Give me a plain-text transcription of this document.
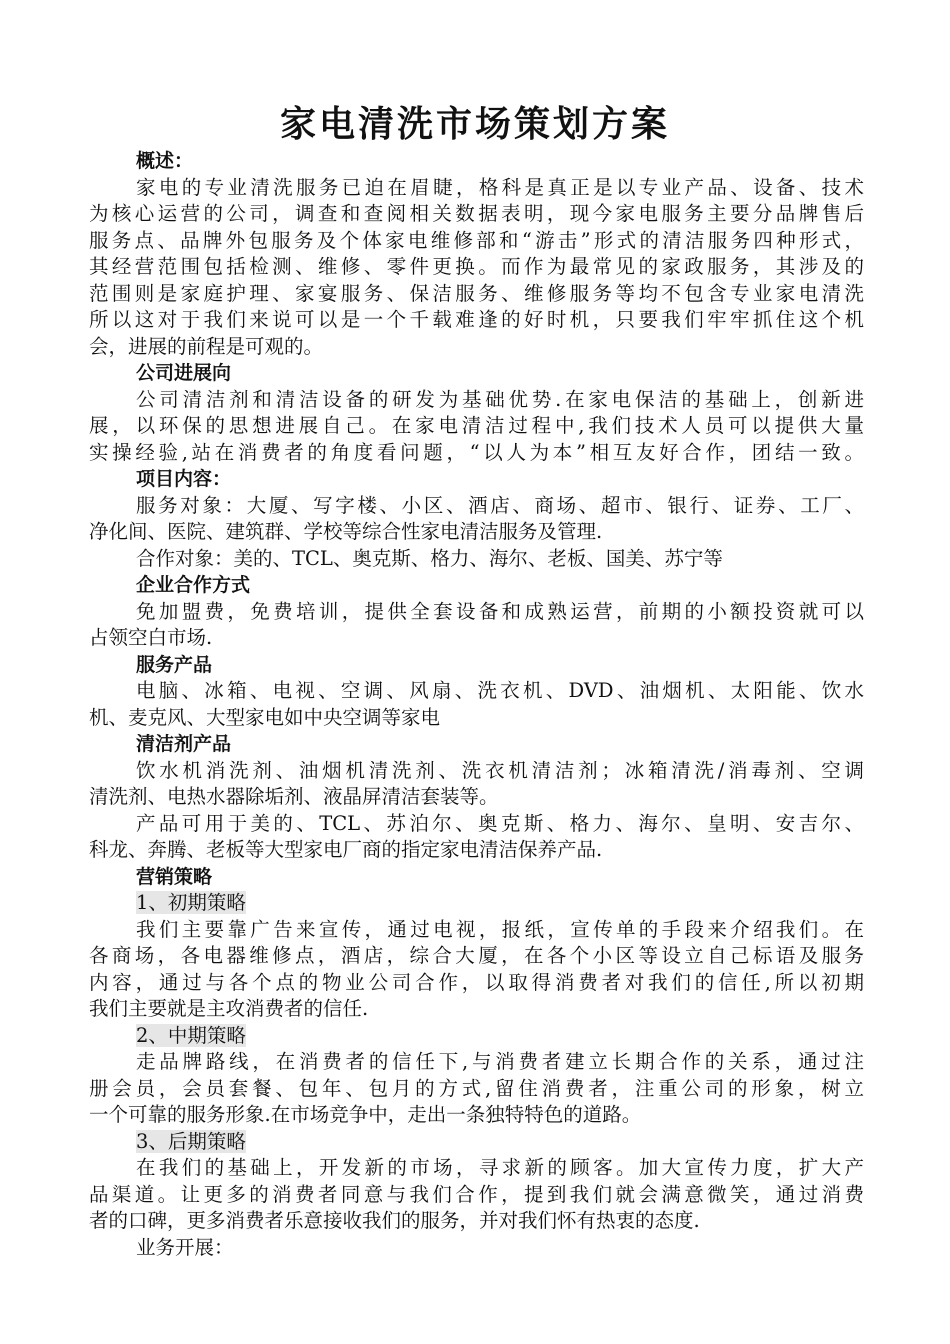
家电清洗市场策划方案
概述：
家电的专业清洗服务已迫在眉睫，格科是真正是以专业产品、设备、技术
为核心运营的公司，调查和查阅相关数据表明，现今家电服务主要分品牌售后
服务点、品牌外包服务及个体家电维修部和“游击”形式的清洁服务四种形式，
其经营范围包括检测、维修、零件更换。而作为最常见的家政服务，其涉及的
范围则是家庭护理、家宴服务、保洁服务、维修服务等均不包含专业家电清洗
所以这对于我们来说可以是一个千载难逢的好时机，只要我们牢牢抓住这个机
会，进展的前程是可观的。
公司进展向
公司清洁剂和清洁设备的研发为基础优势.在家电保洁的基础上，创新进
展，以环保的思想进展自己。在家电清洁过程中,我们技术人员可以提供大量
实操经验,站在消费者的角度看问题，“以人为本”相互友好合作，团结一致。
项目内容：
服务对象：大厦、写字楼、小区、酒店、商场、超市、银行、证券、工厂、
净化间、医院、建筑群、学校等综合性家电清洁服务及管理.
合作对象：美的、TCL、奥克斯、格力、海尔、老板、国美、苏宁等
企业合作方式
免加盟费，免费培训，提供全套设备和成熟运营，前期的小额投资就可以
占领空白市场.
服务产品
电脑、冰箱、电视、空调、风扇、洗衣机、DVD、油烟机、太阳能、饮水
机、麦克风、大型家电如中央空调等家电
清洁剂产品
饮水机消洗剂、油烟机清洗剂、洗衣机清洁剂；冰箱清洗/消毒剂、空调
清洗剂、电热水器除垢剂、液晶屏清洁套装等。
产品可用于美的、TCL、苏泊尔、奥克斯、格力、海尔、皇明、安吉尔、
科龙、奔腾、老板等大型家电厂商的指定家电清洁保养产品.
营销策略
1、初期策略
我们主要靠广告来宣传，通过电视，报纸，宣传单的手段来介绍我们。在
各商场，各电器维修点，酒店，综合大厦，在各个小区等设立自己标语及服务
内容，通过与各个点的物业公司合作，以取得消费者对我们的信任,所以初期
我们主要就是主攻消费者的信任.
2、中期策略
走品牌路线，在消费者的信任下,与消费者建立长期合作的关系，通过注
册会员，会员套餐、包年、包月的方式,留住消费者，注重公司的形象，树立
一个可靠的服务形象.在市场竞争中，走出一条独特特色的道路。
3、后期策略
在我们的基础上，开发新的市场，寻求新的顾客。加大宣传力度，扩大产
品渠道。让更多的消费者同意与我们合作，提到我们就会满意微笑，通过消费
者的口碑，更多消费者乐意接收我们的服务，并对我们怀有热衷的态度.
业务开展：
